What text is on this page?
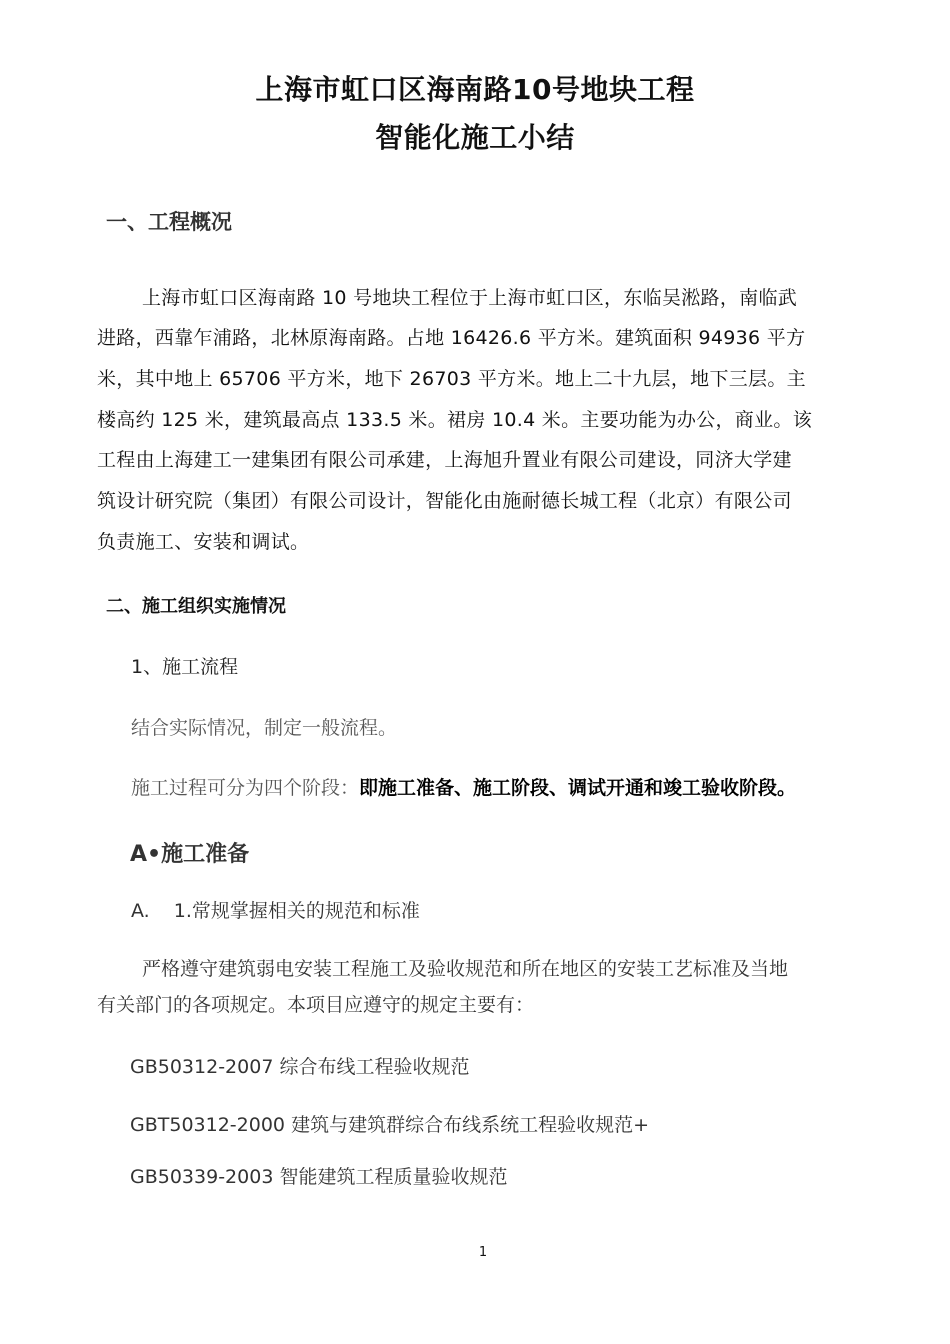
上海市虹口区海南路10号地块工程
智能化施工小结
一、工程概况
上海市虹口区海南路 10 号地块工程位于上海市虹口区，东临吴淞路，南临武
进路，西靠乍浦路，北林原海南路。占地 16426.6 平方米。建筑面积 94936 平方
米，其中地上 65706 平方米，地下 26703 平方米。地上二十九层，地下三层。主
楼高约 125 米，建筑最高点 133.5 米。裙房 10.4 米。主要功能为办公，商业。该
工程由上海建工一建集团有限公司承建，上海旭升置业有限公司建设，同济大学建
筑设计研究院（集团）有限公司设计，智能化由施耐德长城工程（北京）有限公司
负责施工、安装和调试。
二、施工组织实施情况
1、施工流程
结合实际情况，制定一般流程。
施工过程可分为四个阶段：即施工准备、施工阶段、调试开通和竣工验收阶段。
A•施工准备
A. 1.常规掌握相关的规范和标准
严格遵守建筑弱电安装工程施工及验收规范和所在地区的安装工艺标准及当地
有关部门的各项规定。本项目应遵守的规定主要有：
GB50312-2007 综合布线工程验收规范
GBT50312-2000 建筑与建筑群综合布线系统工程验收规范+
GB50339-2003 智能建筑工程质量验收规范
1
